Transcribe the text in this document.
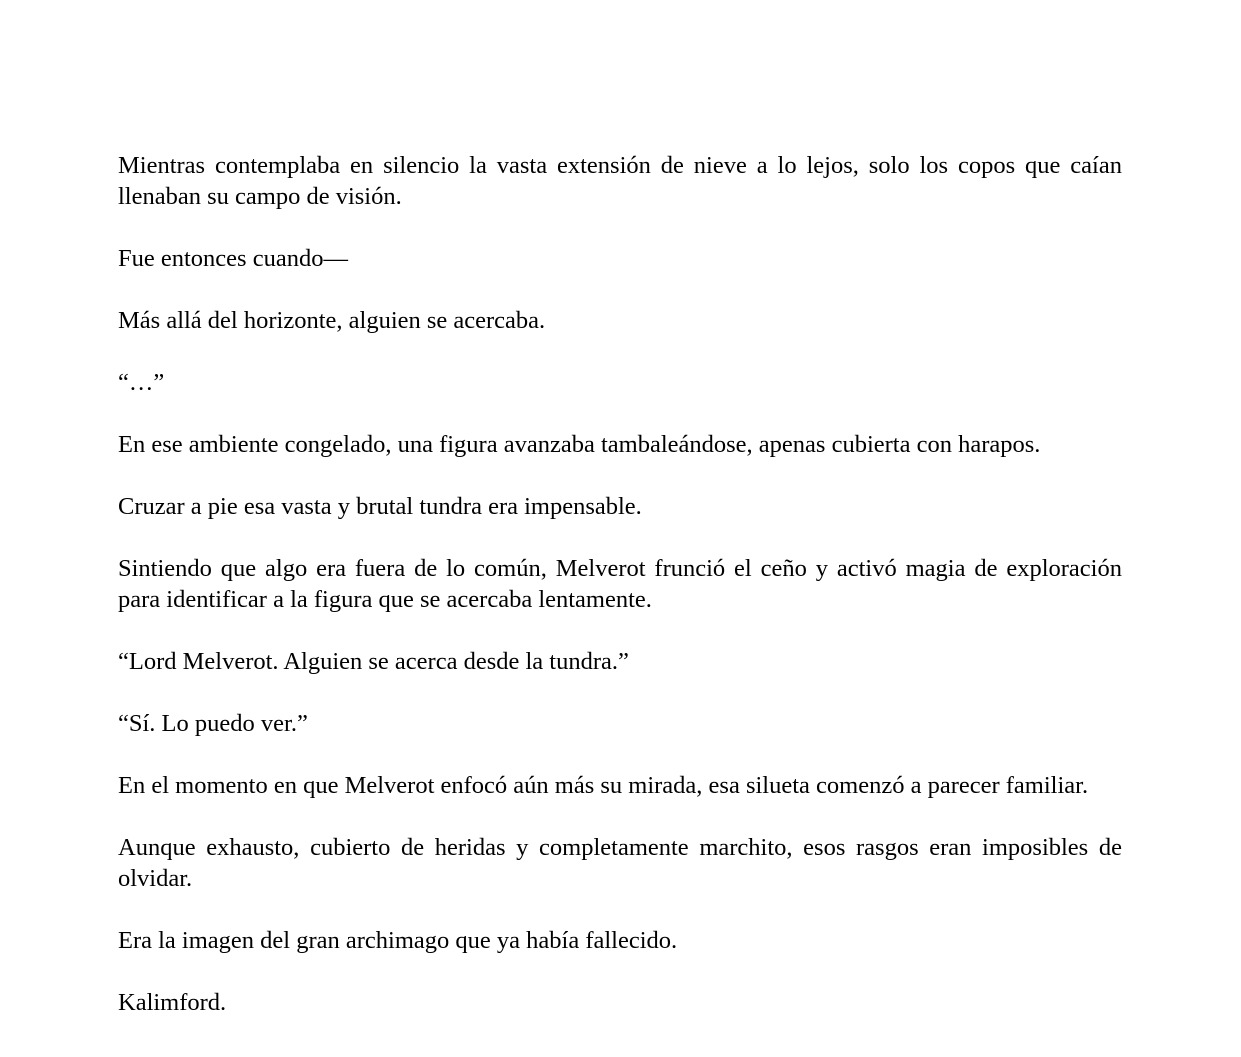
Mientras contemplaba en silencio la vasta extensión de nieve a lo lejos, solo los copos que caían llenaban su campo de visión.

Fue entonces cuando—

Más allá del horizonte, alguien se acercaba.

“…”

En ese ambiente congelado, una figura avanzaba tambaleándose, apenas cubierta con harapos.

Cruzar a pie esa vasta y brutal tundra era impensable.

Sintiendo que algo era fuera de lo común, Melverot frunció el ceño y activó magia de exploración para identificar a la figura que se acercaba lentamente.

“Lord Melverot. Alguien se acerca desde la tundra.”

“Sí. Lo puedo ver.”

En el momento en que Melverot enfocó aún más su mirada, esa silueta comenzó a parecer familiar.

Aunque exhausto, cubierto de heridas y completamente marchito, esos rasgos eran imposibles de olvidar.

Era la imagen del gran archimago que ya había fallecido.

Kalimford.
